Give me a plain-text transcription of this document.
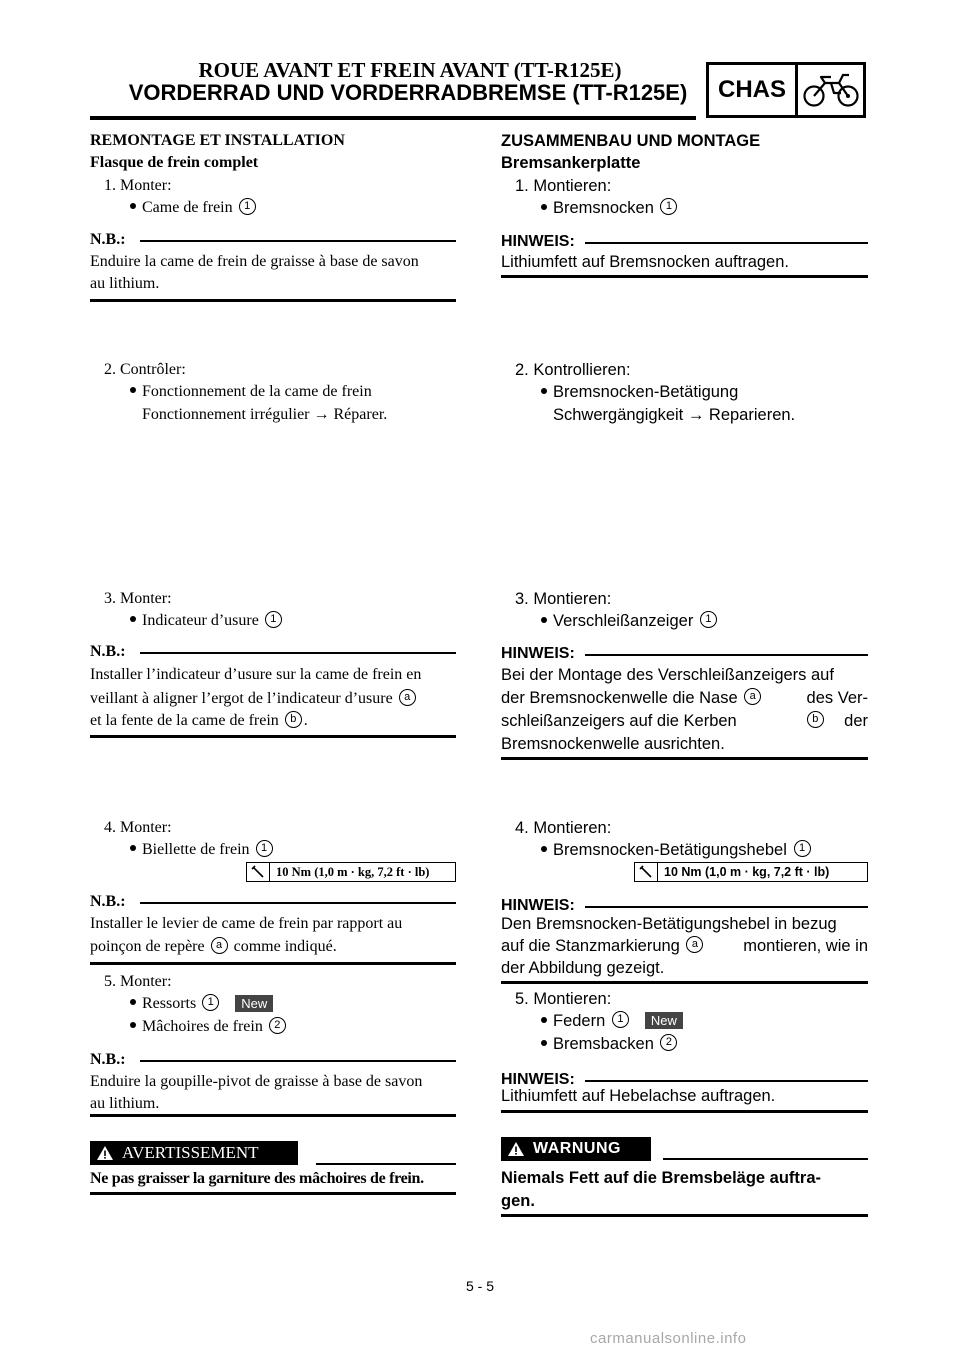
ROUE AVANT ET FREIN AVANT (TT-R125E)
VORDERRAD UND VORDERRADBREMSE (TT-R125E)	CHAS
REMONTAGE ET INSTALLATION
Flasque de frein complet
1. Monter:
Came de frein 1
N.B.:
Enduire la came de frein de graisse à base de savon
au lithium.
2. Contrôler:
Fonctionnement de la came de frein
Fonctionnement irrégulier → Réparer.
3. Monter:
Indicateur d’usure 1
N.B.:
Installer l’indicateur d’usure sur la came de frein en
veillant à aligner l’ergot de l’indicateur d’usure a
et la fente de la came de frein b .
4. Monter:
Biellette de frein 1
10 Nm (1,0 m · kg, 7,2 ft · lb)
N.B.:
Installer le levier de came de frein par rapport au
poinçon de repère a comme indiqué.
5. Monter:
Ressorts 1 New
Mâchoires de frein 2
N.B.:
Enduire la goupille-pivot de graisse à base de savon
au lithium.
AVERTISSEMENT
Ne pas graisser la garniture des mâchoires de frein.
ZUSAMMENBAU UND MONTAGE
Bremsankerplatte
1. Montieren:
Bremsnocken 1
HINWEIS:
Lithiumfett auf Bremsnocken auftragen.
2. Kontrollieren:
Bremsnocken-Betätigung
Schwergängigkeit → Reparieren.
3. Montieren:
Verschleißanzeiger 1
HINWEIS:
Bei der Montage des Verschleißanzeigers auf
der Bremsnockenwelle die Nase a	des Ver-
schleißanzeigers auf die Kerben	b der
Bremsnockenwelle ausrichten.
4. Montieren:
Bremsnocken-Betätigungshebel 1
10 Nm (1,0 m · kg, 7,2 ft · lb)
HINWEIS:
Den Bremsnocken-Betätigungshebel in bezug
auf die Stanzmarkierung a	montieren, wie in
der Abbildung gezeigt.
5. Montieren:
Federn 1 New
Bremsbacken 2
HINWEIS:
Lithiumfett auf Hebelachse auftragen.
WARNUNG
Niemals Fett auf die Bremsbeläge auftra-
gen.
5 - 5
carmanualsonline.info
